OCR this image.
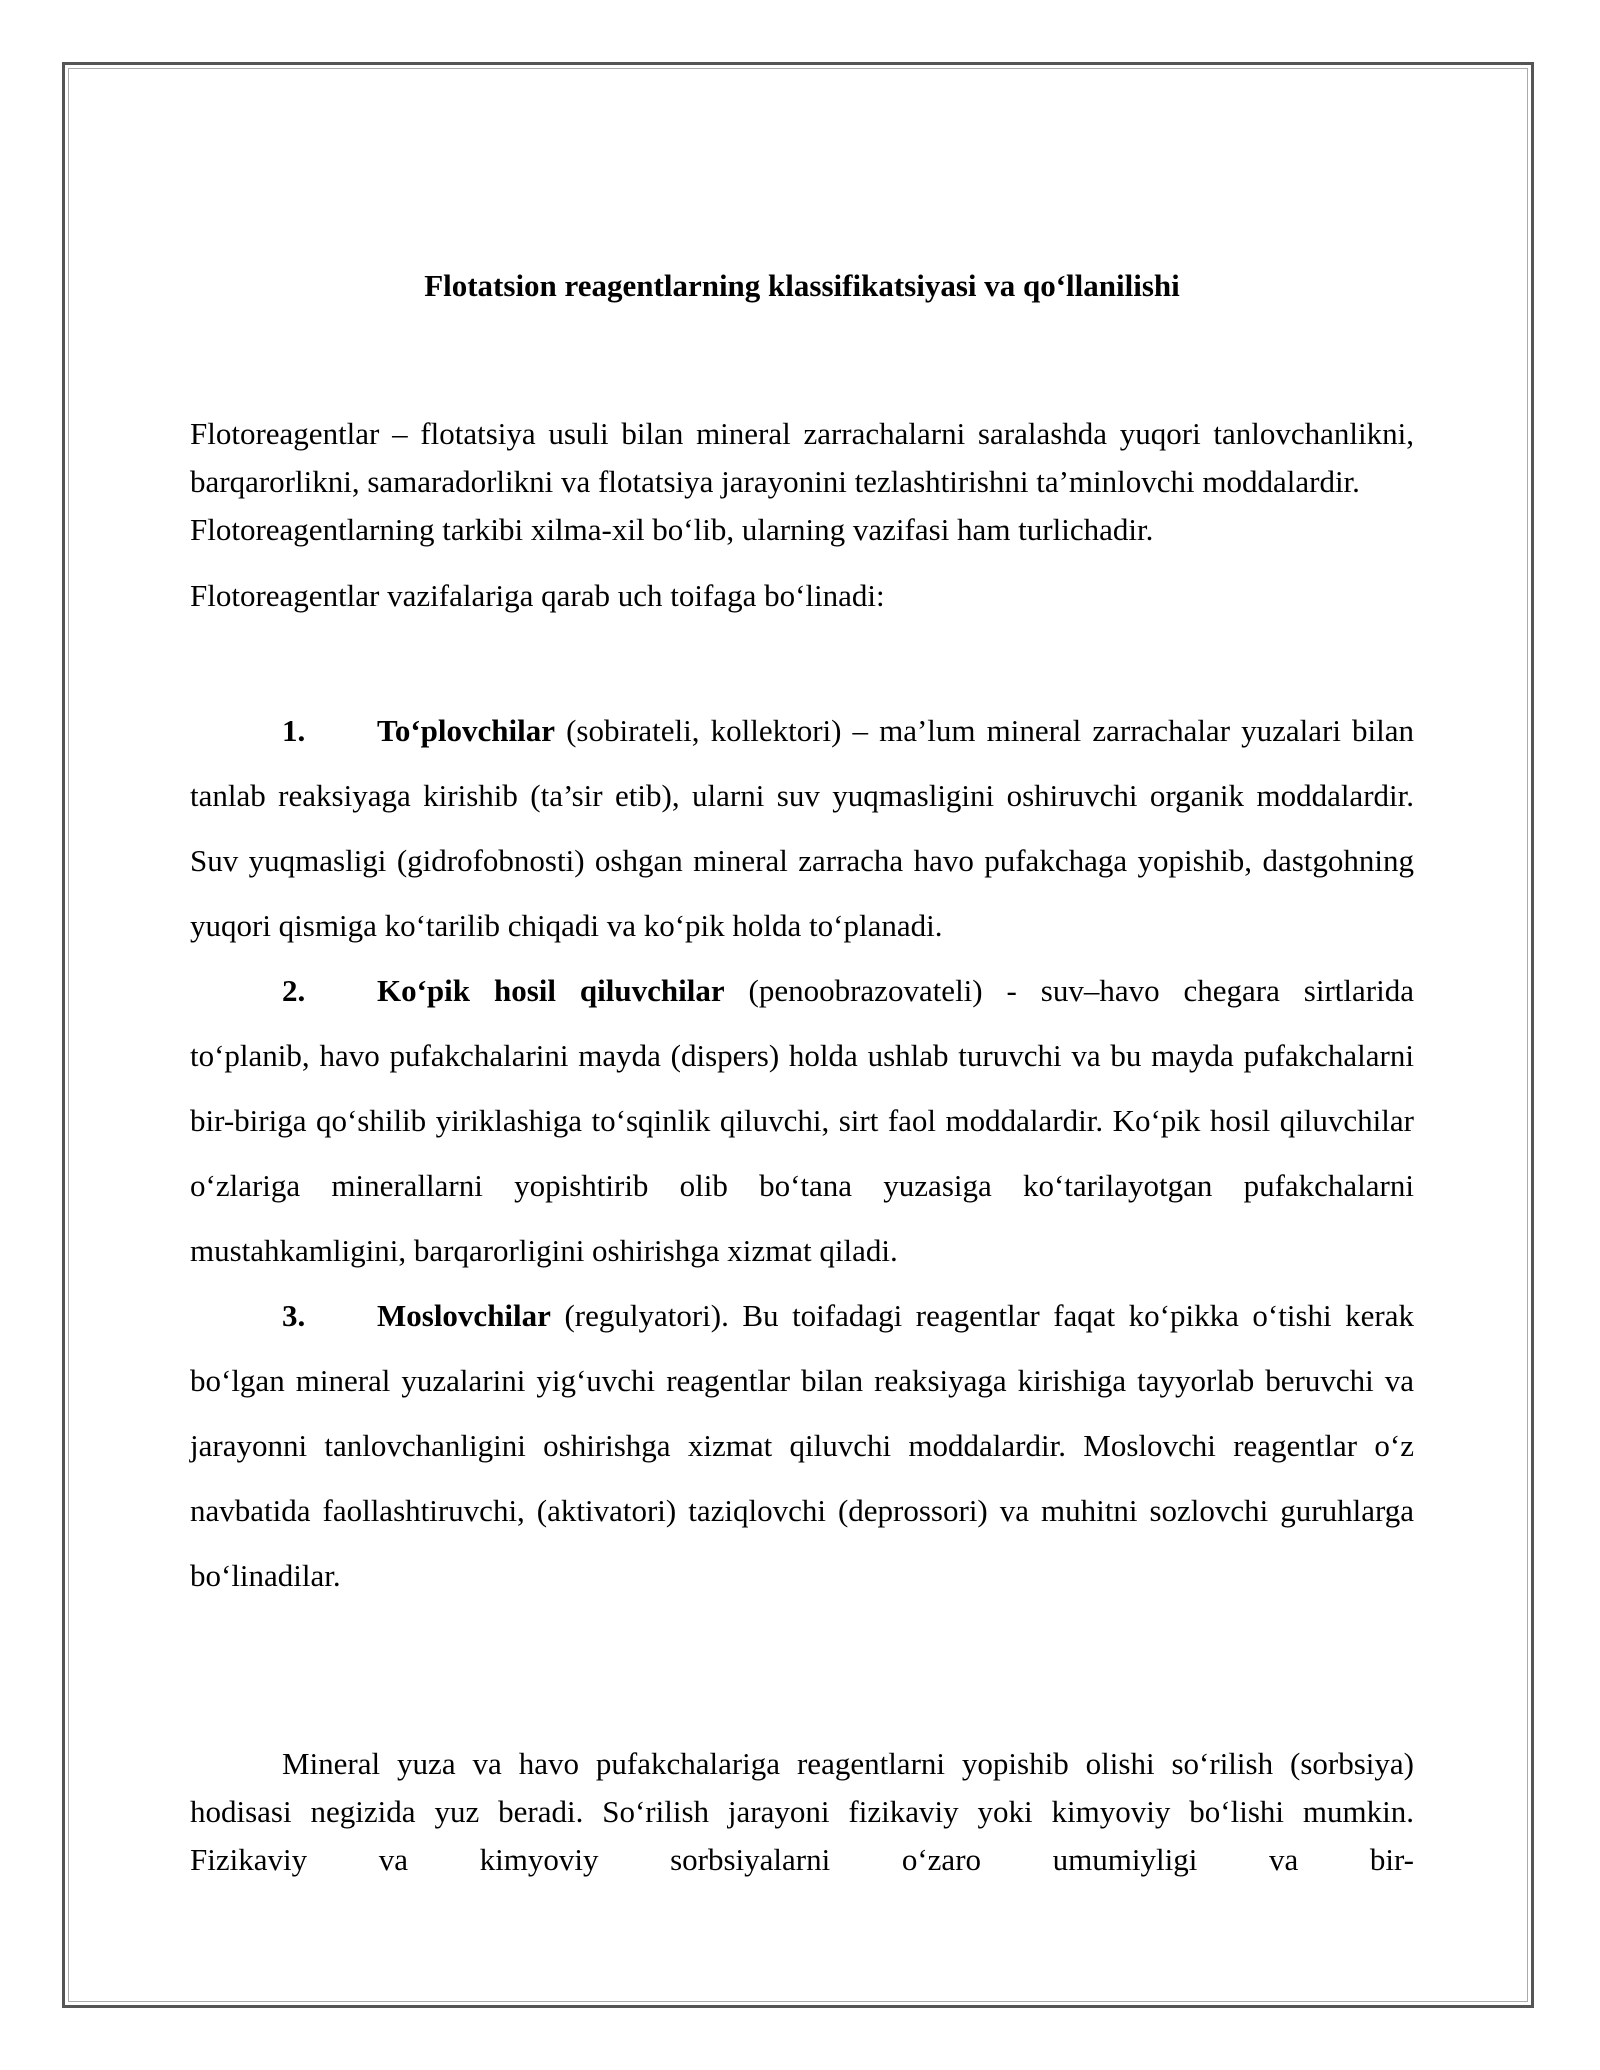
Flotatsion reagentlarning klassifikatsiyasi va qo‘llanilishi

Flotoreagentlar – flotatsiya usuli bilan mineral zarrachalarni saralashda yuqori tanlovchanlikni, barqarorlikni, samaradorlikni va flotatsiya jarayonini tezlashtirishni ta’minlovchi moddalardir.

Flotoreagentlarning tarkibi xilma-xil bo‘lib, ularning vazifasi ham turlichadir.

Flotoreagentlar vazifalariga qarab uch toifaga bo‘linadi:

1. To‘plovchilar (sobirateli, kollektori) – ma’lum mineral zarrachalar yuzalari bilan tanlab reaksiyaga kirishib (ta’sir etib), ularni suv yuqmasligini oshiruvchi organik moddalardir. Suv yuqmasligi (gidrofobnosti) oshgan mineral zarracha havo pufakchaga yopishib, dastgohning yuqori qismiga ko‘tarilib chiqadi va ko‘pik holda to‘planadi.

2. Ko‘pik hosil qiluvchilar (penoobrazovateli) - suv–havo chegara sirtlarida to‘planib, havo pufakchalarini mayda (dispers) holda ushlab turuvchi va bu mayda pufakchalarni bir-biriga qo‘shilib yiriklashiga to‘sqinlik qiluvchi, sirt faol moddalardir. Ko‘pik hosil qiluvchilar o‘zlariga minerallarni yopishtirib olib bo‘tana yuzasiga ko‘tarilayotgan pufakchalarni mustahkamligini, barqarorligini oshirishga xizmat qiladi.

3. Moslovchilar (regulyatori). Bu toifadagi reagentlar faqat ko‘pikka o‘tishi kerak bo‘lgan mineral yuzalarini yig‘uvchi reagentlar bilan reaksiyaga kirishiga tayyorlab beruvchi va jarayonni tanlovchanligini oshirishga xizmat qiluvchi moddalardir. Moslovchi reagentlar o‘z navbatida faollashtiruvchi, (aktivatori) taziqlovchi (deprossori) va muhitni sozlovchi guruhlarga bo‘linadilar.

Mineral yuza va havo pufakchalariga reagentlarni yopishib olishi so‘rilish (sorbsiya) hodisasi negizida yuz beradi. So‘rilish jarayoni fizikaviy yoki kimyoviy bo‘lishi mumkin. Fizikaviy va kimyoviy sorbsiyalarni o‘zaro umumiyligi va bir-
